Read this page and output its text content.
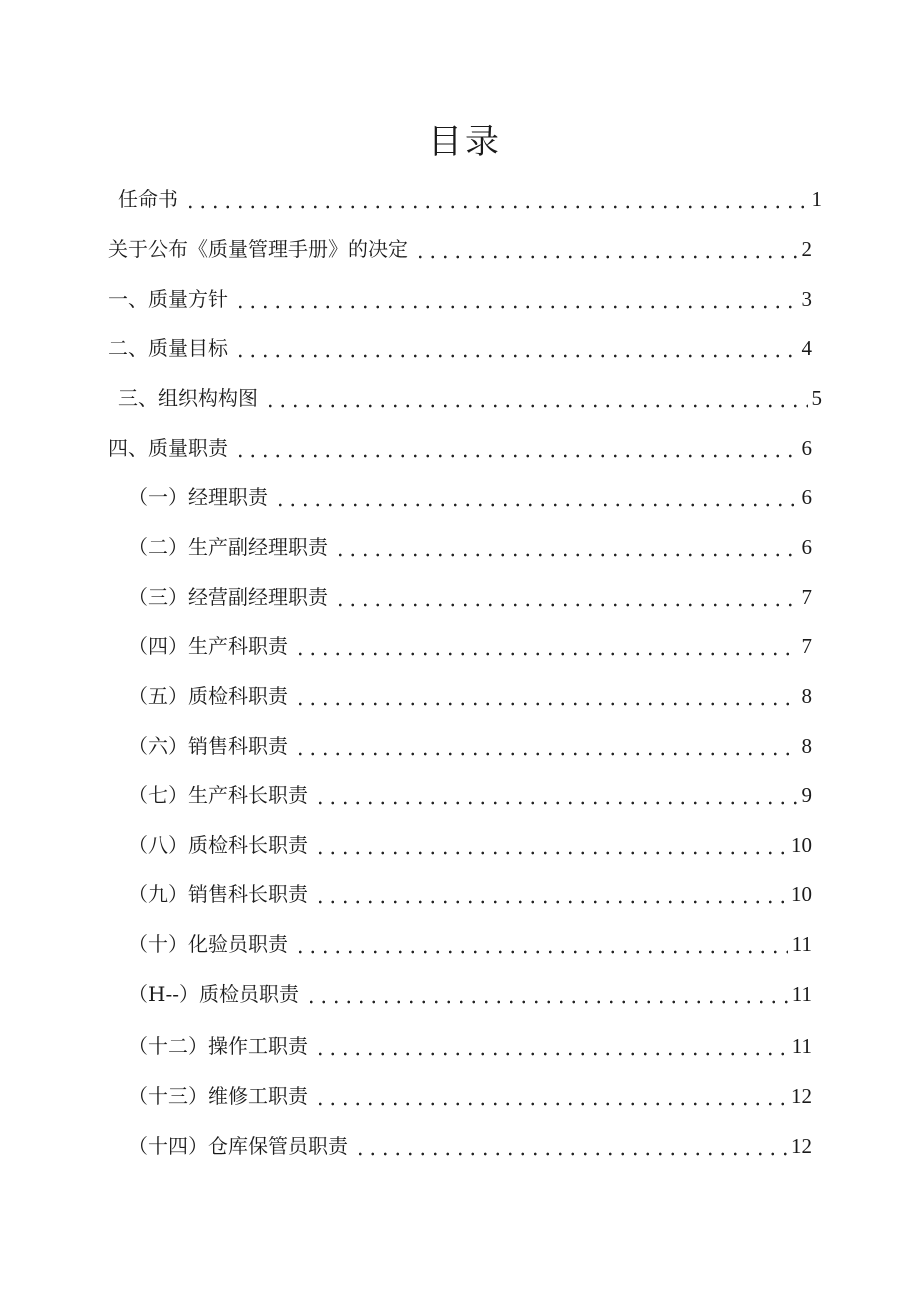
目录
任命书	1
关于公布《质量管理手册》的决定	2
一、质量方针	3
二、质量目标	4
三、组织构构图	5
四、质量职责	6
（一）经理职责	6
（二）生产副经理职责	6
（三）经营副经理职责	7
（四）生产科职责	7
（五）质检科职责	8
（六）销售科职责	8
（七）生产科长职责	9
（八）质检科长职责	10
（九）销售科长职责	10
（十）化验员职责	11
（H--）质检员职责	11
（十二）操作工职责	11
（十三）维修工职责	12
（十四）仓库保管员职责	12
